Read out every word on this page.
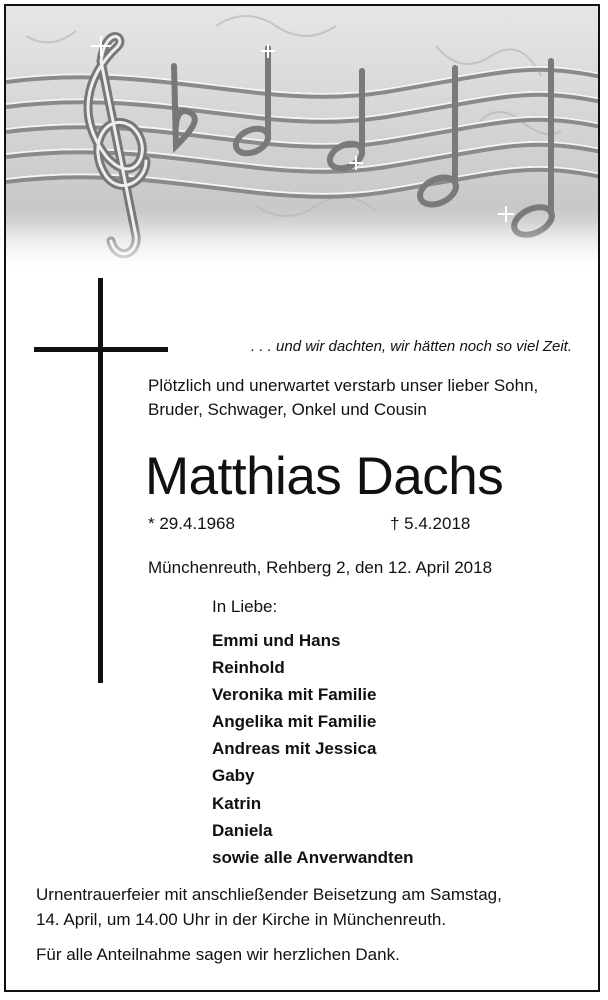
. . . und wir dachten, wir hätten noch so viel Zeit.
Plötzlich und unerwartet verstarb unser lieber Sohn,
Bruder, Schwager, Onkel und Cousin
Matthias Dachs
* 29.4.1968	† 5.4.2018
Münchenreuth, Rehberg 2, den 12. April 2018
In Liebe:
Emmi und Hans
Reinhold
Veronika mit Familie
Angelika mit Familie
Andreas mit Jessica
Gaby
Katrin
Daniela
sowie alle Anverwandten
Urnentrauerfeier mit anschließender Beisetzung am Samstag,
14. April, um 14.00 Uhr in der Kirche in Münchenreuth.
Für alle Anteilnahme sagen wir herzlichen Dank.
